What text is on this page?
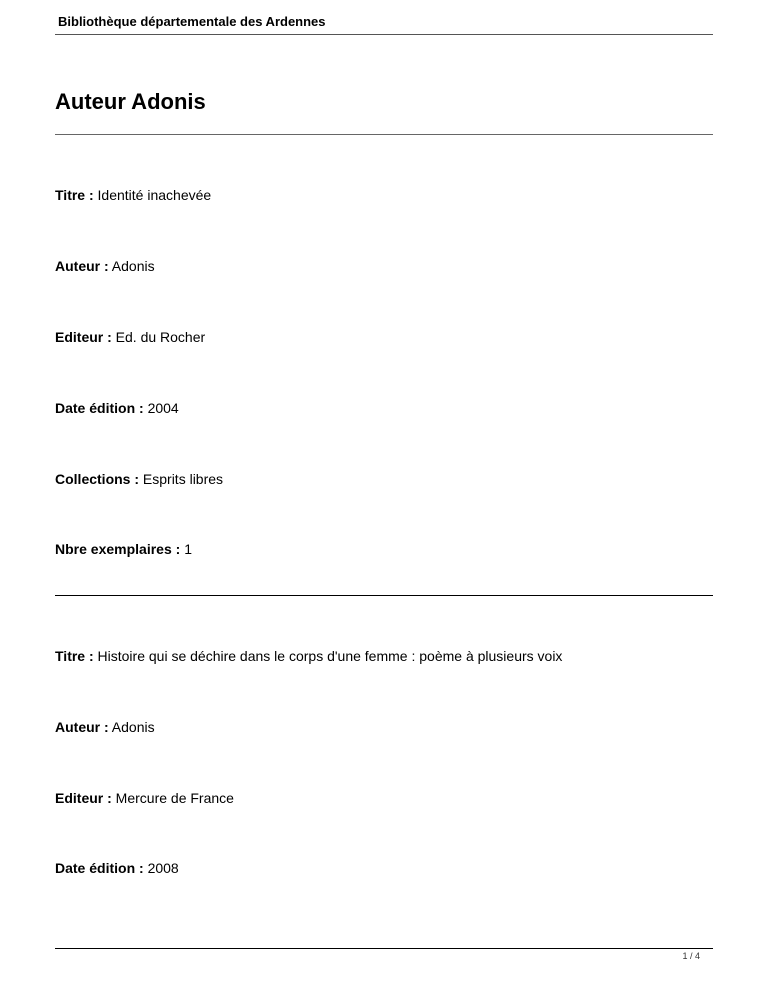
Bibliothèque départementale des Ardennes
Auteur Adonis
Titre : Identité inachevée
Auteur : Adonis
Editeur : Ed. du Rocher
Date édition : 2004
Collections : Esprits libres
Nbre exemplaires : 1
Titre : Histoire qui se déchire dans le corps d'une femme : poème à plusieurs voix
Auteur : Adonis
Editeur : Mercure de France
Date édition : 2008
1 / 4
